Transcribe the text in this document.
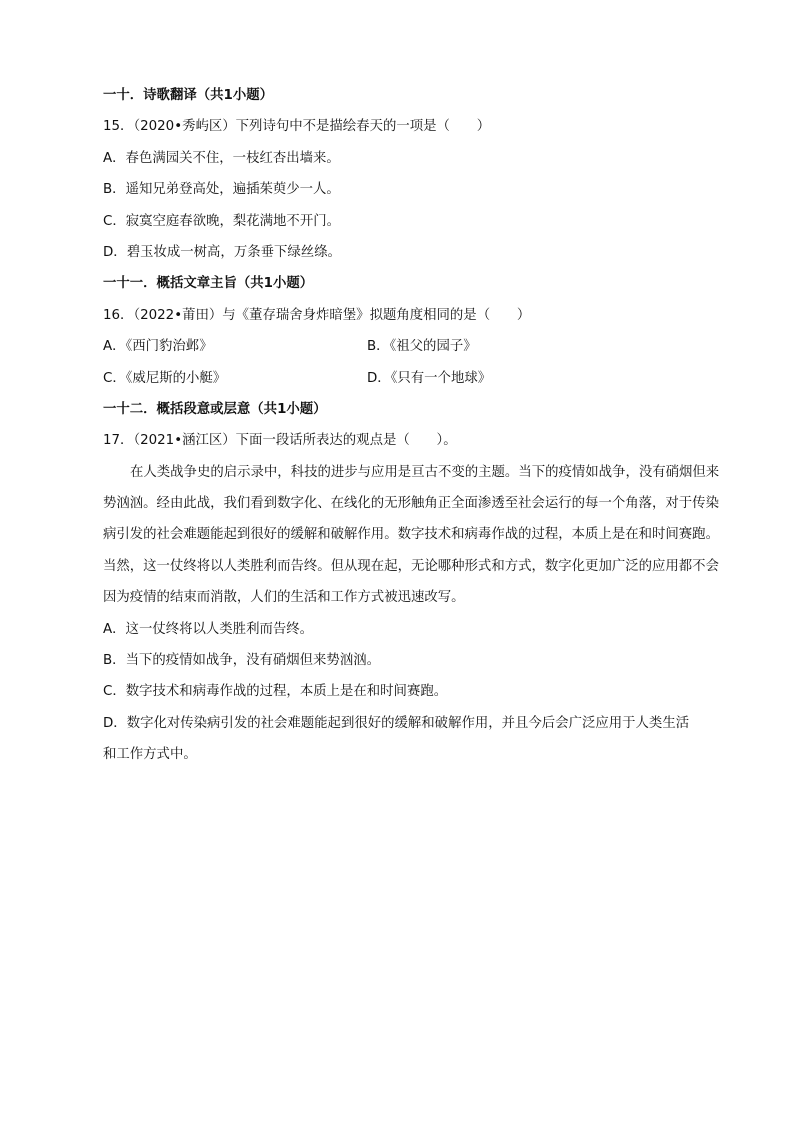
一十．诗歌翻译（共1小题）
15．（2020•秀屿区）下列诗句中不是描绘春天的一项是（　　）
A．春色满园关不住，一枝红杏出墙来。
B．遥知兄弟登高处，遍插茱萸少一人。
C．寂寞空庭春欲晚，梨花满地不开门。
D．碧玉妆成一树高，万条垂下绿丝绦。
一十一．概括文章主旨（共1小题）
16．（2022•莆田）与《董存瑞舍身炸暗堡》拟题角度相同的是（　　）
A．《西门豹治邺》	B．《祖父的园子》
C．《威尼斯的小艇》	D．《只有一个地球》
一十二．概括段意或层意（共1小题）
17．（2021•涵江区）下面一段话所表达的观点是（　　）。
在人类战争史的启示录中，科技的进步与应用是亘古不变的主题。当下的疫情如战争，没有硝烟但来
势汹汹。经由此战，我们看到数字化、在线化的无形触角正全面渗透至社会运行的每一个角落，对于传染
病引发的社会难题能起到很好的缓解和破解作用。数字技术和病毒作战的过程，本质上是在和时间赛跑。
当然，这一仗终将以人类胜利而告终。但从现在起，无论哪种形式和方式，数字化更加广泛的应用都不会
因为疫情的结束而消散，人们的生活和工作方式被迅速改写。
A．这一仗终将以人类胜利而告终。
B．当下的疫情如战争，没有硝烟但来势汹汹。
C．数字技术和病毒作战的过程，本质上是在和时间赛跑。
D．数字化对传染病引发的社会难题能起到很好的缓解和破解作用，并且今后会广泛应用于人类生活
和工作方式中。
